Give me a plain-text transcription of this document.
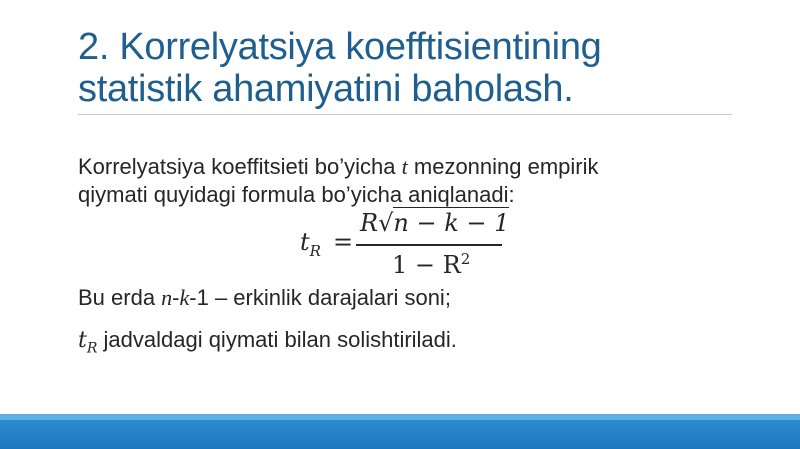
2. Korrelyatsiya koefftisientining
statistik ahamiyatini baholash.
Korrelyatsiya koeffitsieti bo’yicha t mezonning empirik
qiymati quyidagi formula bo’yicha aniqlanadi:
$t_R$ =
R√n − k − 1
$1 - R^2$
Bu erda n-k-1 – erkinlik darajalari soni;
$t_R$ jadvaldagi qiymati bilan solishtiriladi.
